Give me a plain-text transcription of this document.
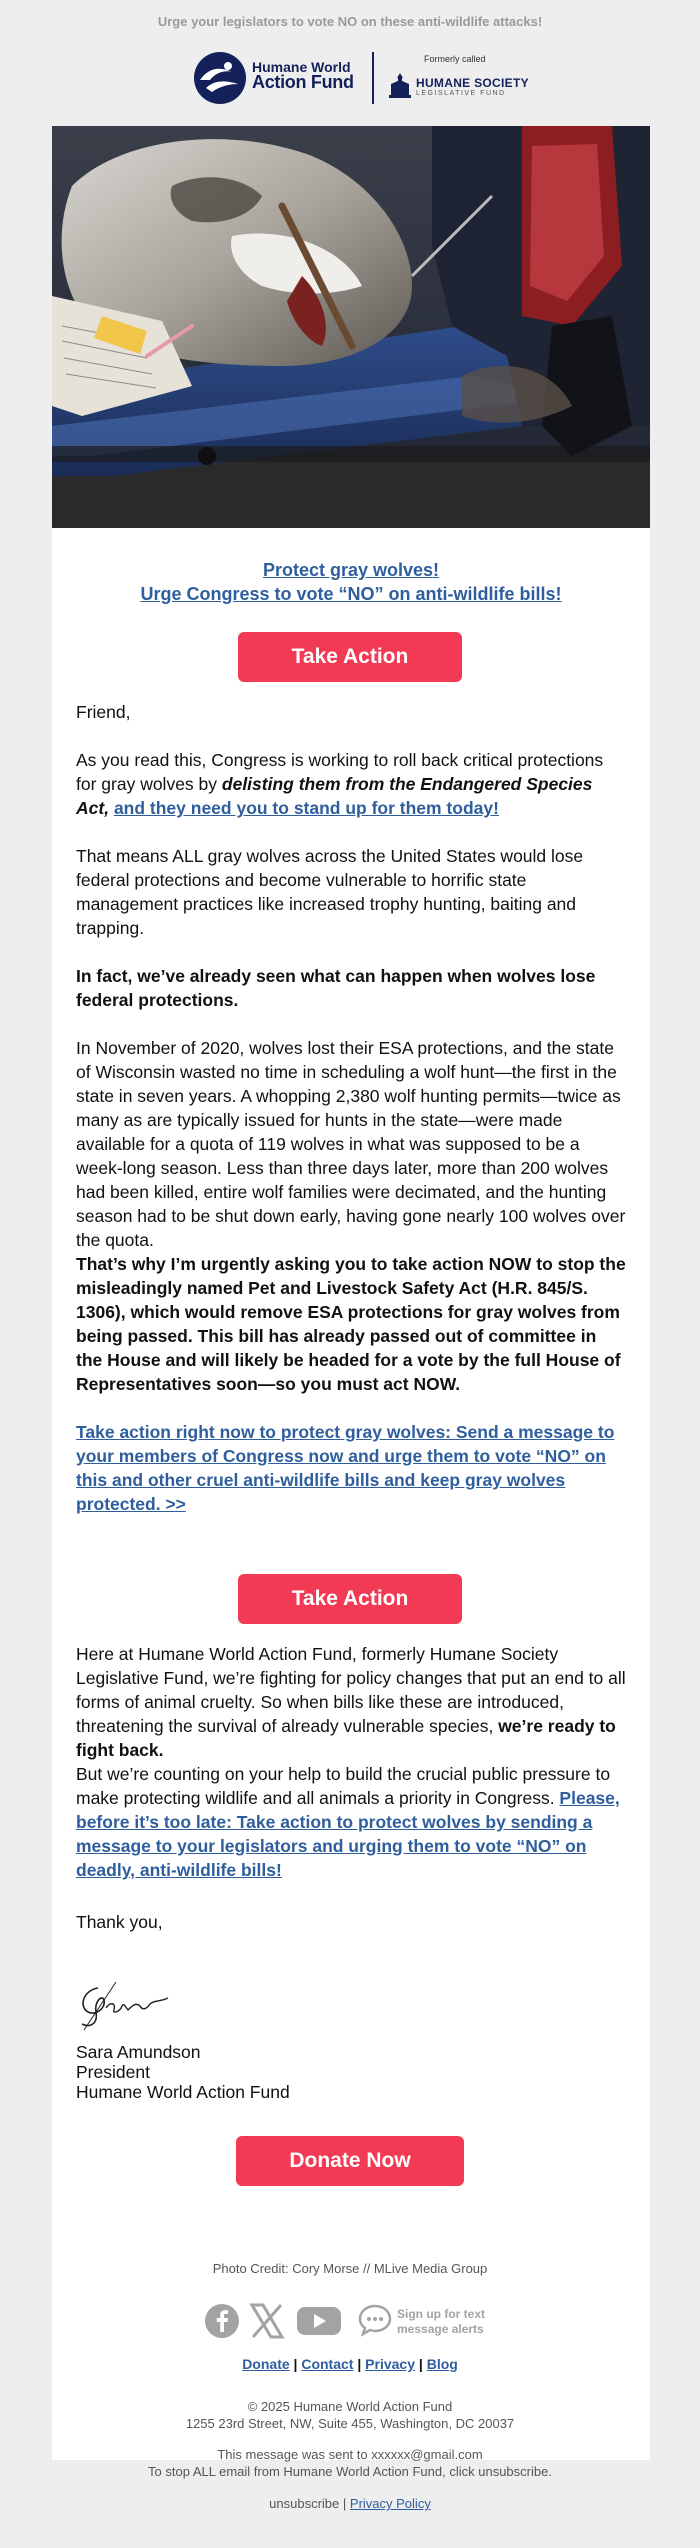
Urge your legislators to vote NO on these anti-wildlife attacks!
Humane World
Action Fund
Formerly called
HUMANE SOCIETY
LEGISLATIVE FUND
Protect gray wolves!
Urge Congress to vote “NO” on anti-wildlife bills!
Take Action

Friend,

As you read this, Congress is working to roll back critical protections for gray wolves by delisting them from the Endangered Species Act, and they need you to stand up for them today!

That means ALL gray wolves across the United States would lose federal protections and become vulnerable to horrific state management practices like increased trophy hunting, baiting and trapping.

In fact, we’ve already seen what can happen when wolves lose federal protections.

In November of 2020, wolves lost their ESA protections, and the state of Wisconsin wasted no time in scheduling a wolf hunt—the first in the state in seven years. A whopping 2,380 wolf hunting permits—twice as many as are typically issued for hunts in the state—were made available for a quota of 119 wolves in what was supposed to be a week-long season. Less than three days later, more than 200 wolves had been killed, entire wolf families were decimated, and the hunting season had to be shut down early, having gone nearly 100 wolves over the quota.

That’s why I’m urgently asking you to take action NOW to stop the misleadingly named Pet and Livestock Safety Act (H.R. 845/S. 1306), which would remove ESA protections for gray wolves from being passed. This bill has already passed out of committee in the House and will likely be headed for a vote by the full House of Representatives soon—so you must act NOW.

Take action right now to protect gray wolves: Send a message to your members of Congress now and urge them to vote “NO” on this and other cruel anti-wildlife bills and keep gray wolves protected. >>

Take Action

Here at Humane World Action Fund, formerly Humane Society Legislative Fund, we’re fighting for policy changes that put an end to all forms of animal cruelty. So when bills like these are introduced, threatening the survival of already vulnerable species, we’re ready to fight back.

But we’re counting on your help to build the crucial public pressure to make protecting wildlife and all animals a priority in Congress. Please, before it’s too late: Take action to protect wolves by sending a message to your legislators and urging them to vote “NO” on deadly, anti-wildlife bills!

Thank you,

Sara Amundson

President

Humane World Action Fund

Donate Now
Photo Credit: Cory Morse // MLive Media Group
Sign up for text
message alerts
Donate | Contact | Privacy | Blog
© 2025 Humane World Action Fund
1255 23rd Street, NW, Suite 455, Washington, DC 20037
This message was sent to xxxxxx@gmail.com
To stop ALL email from Humane World Action Fund, click unsubscribe.
unsubscribe | Privacy Policy
